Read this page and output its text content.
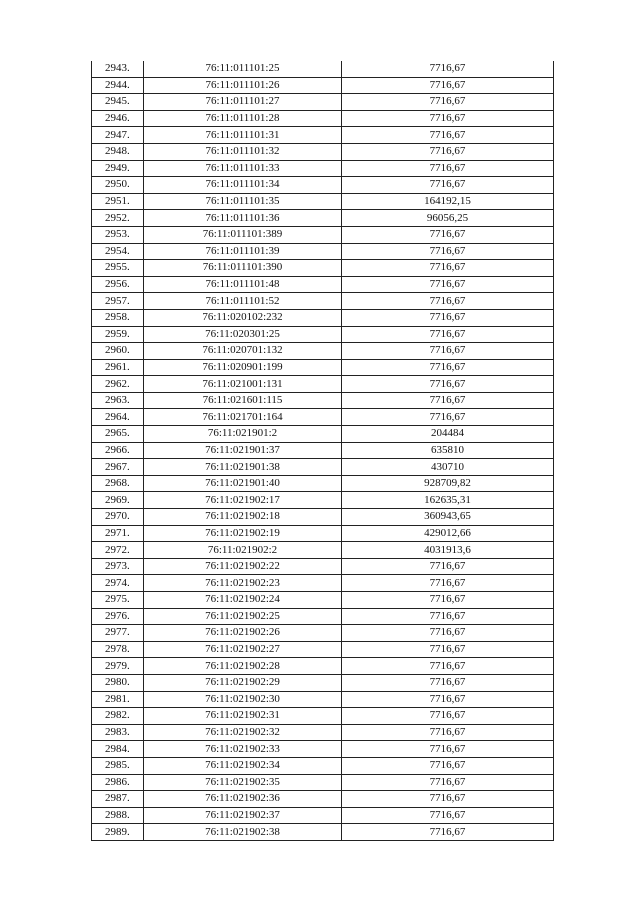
2943.	76:11:011101:25	7716,67
2944.	76:11:011101:26	7716,67
2945.	76:11:011101:27	7716,67
2946.	76:11:011101:28	7716,67
2947.	76:11:011101:31	7716,67
2948.	76:11:011101:32	7716,67
2949.	76:11:011101:33	7716,67
2950.	76:11:011101:34	7716,67
2951.	76:11:011101:35	164192,15
2952.	76:11:011101:36	96056,25
2953.	76:11:011101:389	7716,67
2954.	76:11:011101:39	7716,67
2955.	76:11:011101:390	7716,67
2956.	76:11:011101:48	7716,67
2957.	76:11:011101:52	7716,67
2958.	76:11:020102:232	7716,67
2959.	76:11:020301:25	7716,67
2960.	76:11:020701:132	7716,67
2961.	76:11:020901:199	7716,67
2962.	76:11:021001:131	7716,67
2963.	76:11:021601:115	7716,67
2964.	76:11:021701:164	7716,67
2965.	76:11:021901:2	204484
2966.	76:11:021901:37	635810
2967.	76:11:021901:38	430710
2968.	76:11:021901:40	928709,82
2969.	76:11:021902:17	162635,31
2970.	76:11:021902:18	360943,65
2971.	76:11:021902:19	429012,66
2972.	76:11:021902:2	4031913,6
2973.	76:11:021902:22	7716,67
2974.	76:11:021902:23	7716,67
2975.	76:11:021902:24	7716,67
2976.	76:11:021902:25	7716,67
2977.	76:11:021902:26	7716,67
2978.	76:11:021902:27	7716,67
2979.	76:11:021902:28	7716,67
2980.	76:11:021902:29	7716,67
2981.	76:11:021902:30	7716,67
2982.	76:11:021902:31	7716,67
2983.	76:11:021902:32	7716,67
2984.	76:11:021902:33	7716,67
2985.	76:11:021902:34	7716,67
2986.	76:11:021902:35	7716,67
2987.	76:11:021902:36	7716,67
2988.	76:11:021902:37	7716,67
2989.	76:11:021902:38	7716,67
